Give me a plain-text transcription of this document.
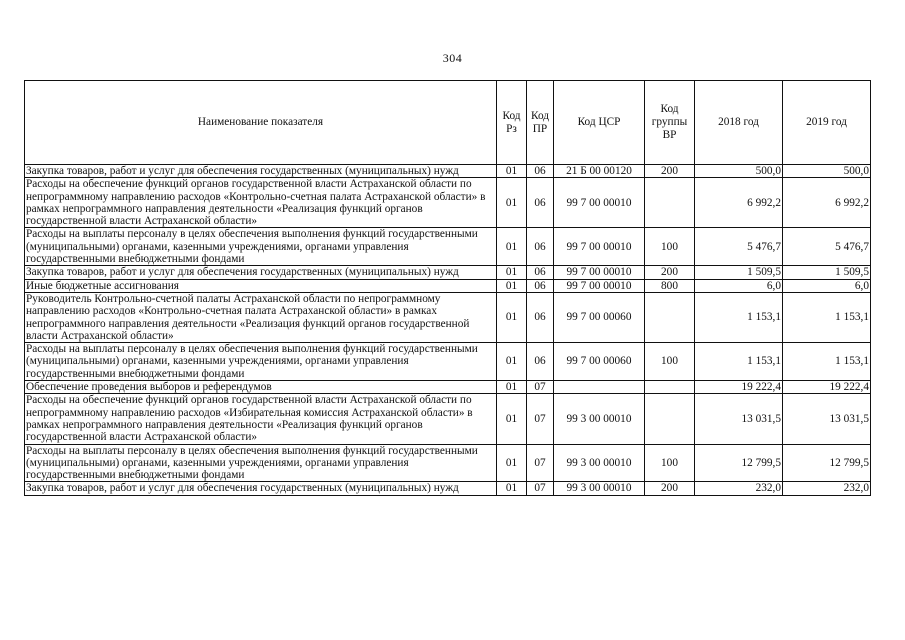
304
Наименование показателя	Код Рз	Код ПР	Код ЦСР	Код группы ВР	2018 год	2019 год
Закупка товаров, работ и услуг для обеспечения государственных (муниципальных) нужд	01	06	21 Б 00 00120	200	500,0	500,0
Расходы на обеспечение функций органов государственной власти Астраханской области по непрограммному направлению расходов «Контрольно-счетная палата Астраханской области» в рамках непрограммного направления деятельности «Реализация функций органов государственной власти Астраханской области»	01	06	99 7 00 00010		6 992,2	6 992,2
Расходы на выплаты персоналу в целях обеспечения выполнения функций государственными (муниципальными) органами, казенными учреждениями, органами управления государственными внебюджетными фондами	01	06	99 7 00 00010	100	5 476,7	5 476,7
Закупка товаров, работ и услуг для обеспечения государственных (муниципальных) нужд	01	06	99 7 00 00010	200	1 509,5	1 509,5
Иные бюджетные ассигнования	01	06	99 7 00 00010	800	6,0	6,0
Руководитель Контрольно-счетной палаты Астраханской области по непрограммному направлению расходов «Контрольно-счетная палата Астраханской области» в рамках непрограммного направления деятельности «Реализация функций органов государственной власти Астраханской области»	01	06	99 7 00 00060		1 153,1	1 153,1
Расходы на выплаты персоналу в целях обеспечения выполнения функций государственными (муниципальными) органами, казенными учреждениями, органами управления государственными внебюджетными фондами	01	06	99 7 00 00060	100	1 153,1	1 153,1
Обеспечение проведения выборов и референдумов	01	07			19 222,4	19 222,4
Расходы на обеспечение функций органов государственной власти Астраханской области по непрограммному направлению расходов «Избирательная комиссия Астраханской области» в рамках непрограммного направления деятельности «Реализация функций органов государственной власти Астраханской области»	01	07	99 3 00 00010		13 031,5	13 031,5
Расходы на выплаты персоналу в целях обеспечения выполнения функций государственными (муниципальными) органами, казенными учреждениями, органами управления государственными внебюджетными фондами	01	07	99 3 00 00010	100	12 799,5	12 799,5
Закупка товаров, работ и услуг для обеспечения государственных (муниципальных) нужд	01	07	99 3 00 00010	200	232,0	232,0
